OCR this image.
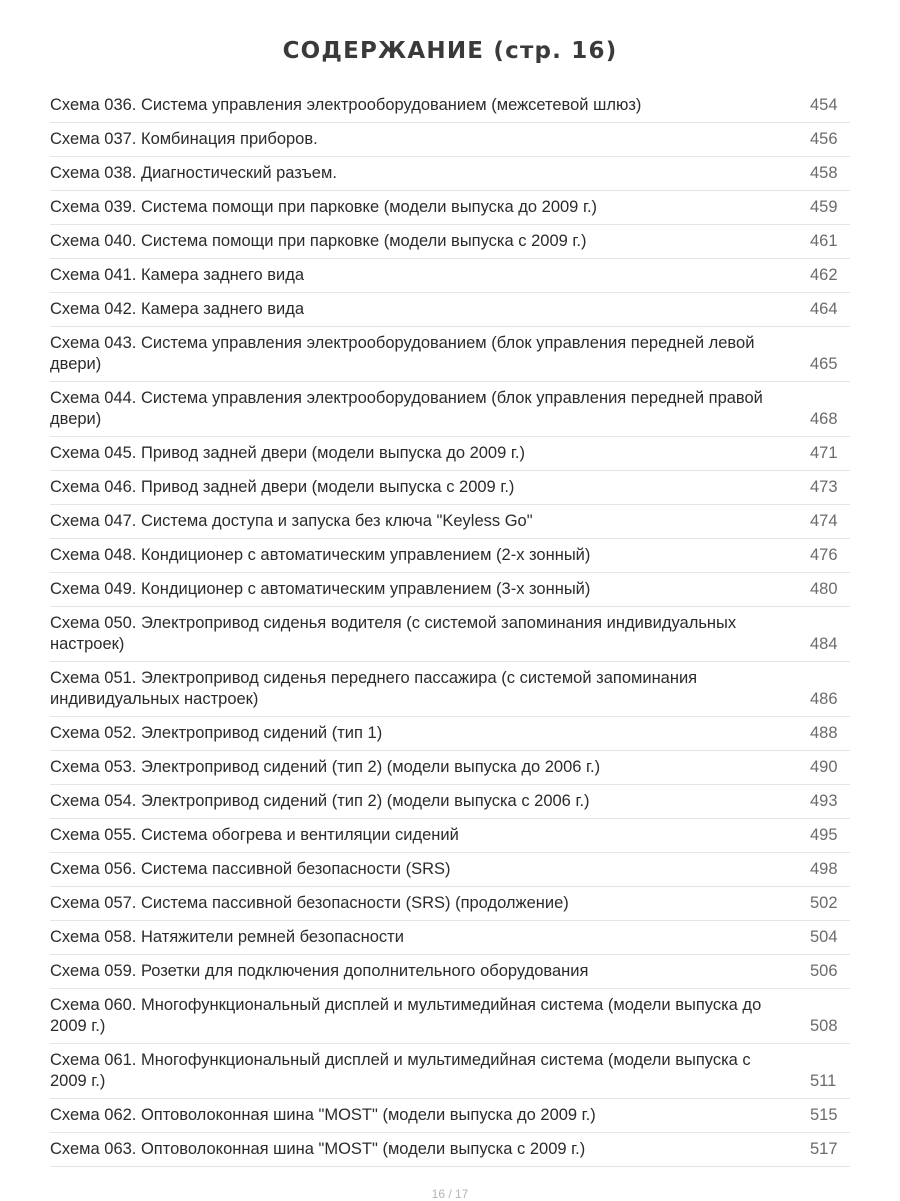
СОДЕРЖАНИЕ (стр. 16)
Схема 036. Система управления электрооборудованием (межсетевой шлюз)	454
Схема 037. Комбинация приборов.	456
Схема 038. Диагностический разъем.	458
Схема 039. Система помощи при парковке (модели выпуска до 2009 г.)	459
Схема 040. Система помощи при парковке (модели выпуска с 2009 г.)	461
Схема 041. Камера заднего вида	462
Схема 042. Камера заднего вида	464
Схема 043. Система управления электрооборудованием (блок управления передней левой двери)	465
Схема 044. Система управления электрооборудованием (блок управления передней правой двери)	468
Схема 045. Привод задней двери (модели выпуска до 2009 г.)	471
Схема 046. Привод задней двери (модели выпуска с 2009 г.)	473
Схема 047. Система доступа и запуска без ключа "Keyless Go"	474
Схема 048. Кондиционер с автоматическим управлением (2-х зонный)	476
Схема 049. Кондиционер с автоматическим управлением (3-х зонный)	480
Схема 050. Электропривод сиденья водителя (с системой запоминания индивидуальных настроек)	484
Схема 051. Электропривод сиденья переднего пассажира (с системой запоминания индивидуальных настроек)	486
Схема 052. Электропривод сидений (тип 1)	488
Схема 053. Электропривод сидений (тип 2) (модели выпуска до 2006 г.)	490
Схема 054. Электропривод сидений (тип 2) (модели выпуска с 2006 г.)	493
Схема 055. Система обогрева и вентиляции сидений	495
Схема 056. Система пассивной безопасности (SRS)	498
Схема 057. Система пассивной безопасности (SRS) (продолжение)	502
Схема 058. Натяжители ремней безопасности	504
Схема 059. Розетки для подключения дополнительного оборудования	506
Схема 060. Многофункциональный дисплей и мультимедийная система (модели выпуска до 2009 г.)	508
Схема 061. Многофункциональный дисплей и мультимедийная система (модели выпуска с 2009 г.)	511
Схема 062. Оптоволоконная шина "MOST" (модели выпуска до 2009 г.)	515
Схема 063. Оптоволоконная шина "MOST" (модели выпуска с 2009 г.)	517
16 / 17
